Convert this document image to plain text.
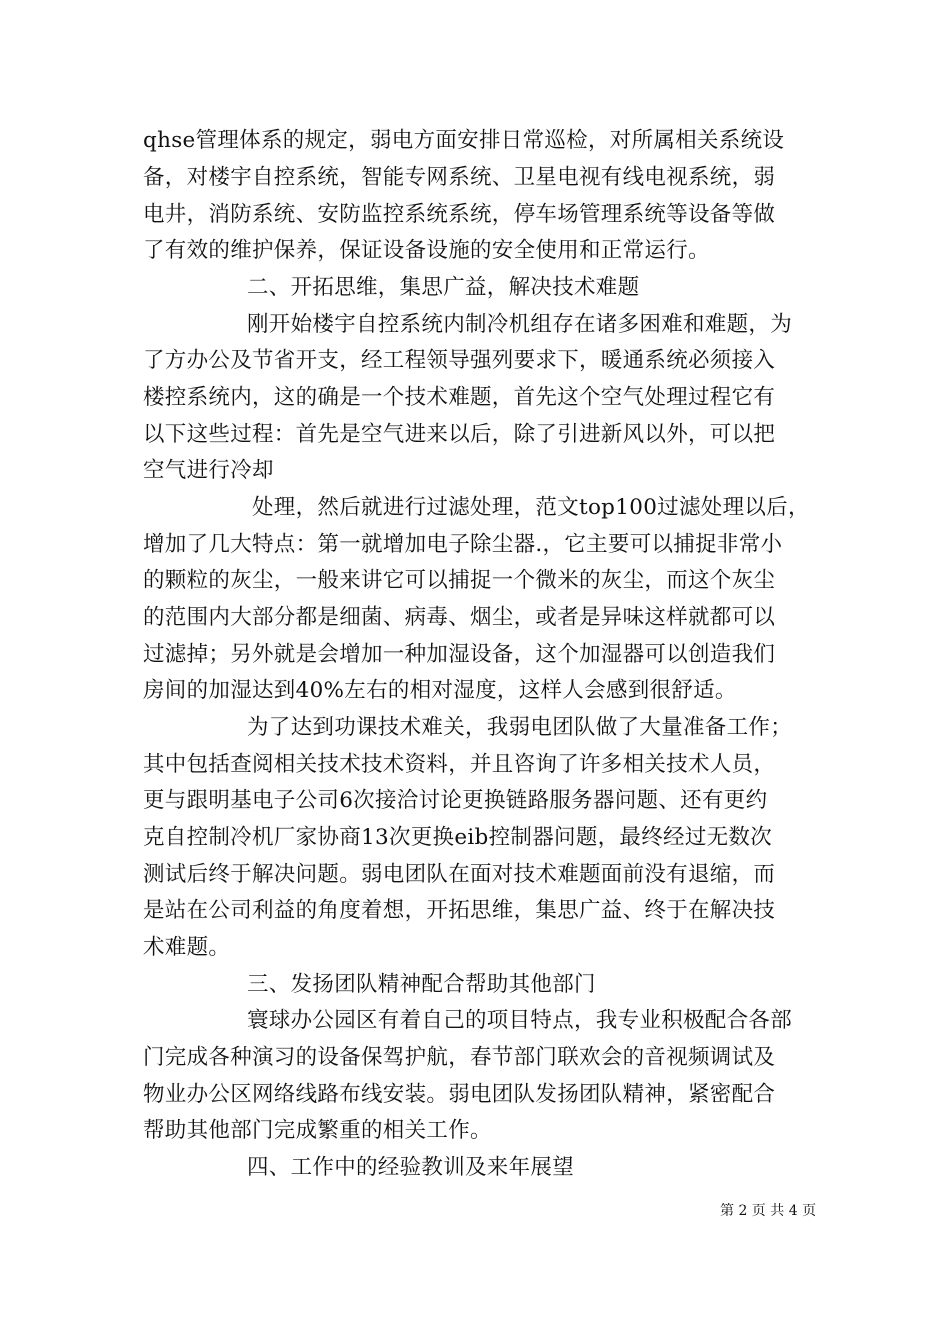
qhse管理体系的规定，弱电方面安排日常巡检，对所属相关系统设
备，对楼宇自控系统，智能专网系统、卫星电视有线电视系统，弱
电井，消防系统、安防监控系统系统，停车场管理系统等设备等做
了有效的维护保养，保证设备设施的安全使用和正常运行。
二、开拓思维，集思广益，解决技术难题
刚开始楼宇自控系统内制冷机组存在诸多困难和难题，为
了方办公及节省开支，经工程领导强列要求下，暖通系统必须接入
楼控系统内，这的确是一个技术难题，首先这个空气处理过程它有
以下这些过程：首先是空气进来以后，除了引进新风以外，可以把
空气进行冷却
处理，然后就进行过滤处理，范文top100过滤处理以后，
增加了几大特点：第一就增加电子除尘器.，它主要可以捕捉非常小
的颗粒的灰尘，一般来讲它可以捕捉一个微米的灰尘，而这个灰尘
的范围内大部分都是细菌、病毒、烟尘，或者是异味这样就都可以
过滤掉；另外就是会增加一种加湿设备，这个加湿器可以创造我们
房间的加湿达到40%左右的相对湿度，这样人会感到很舒适。
为了达到功课技术难关，我弱电团队做了大量准备工作；
其中包括查阅相关技术技术资料，并且咨询了许多相关技术人员，
更与跟明基电子公司6次接洽讨论更换链路服务器问题、还有更约
克自控制冷机厂家协商13次更换eib控制器问题，最终经过无数次
测试后终于解决问题。弱电团队在面对技术难题面前没有退缩，而
是站在公司利益的角度着想，开拓思维，集思广益、终于在解决技
术难题。
三、发扬团队精神配合帮助其他部门
寰球办公园区有着自己的项目特点，我专业积极配合各部
门完成各种演习的设备保驾护航，春节部门联欢会的音视频调试及
物业办公区网络线路布线安装。弱电团队发扬团队精神，紧密配合
帮助其他部门完成繁重的相关工作。
四、工作中的经验教训及来年展望
第 2 页 共 4 页
